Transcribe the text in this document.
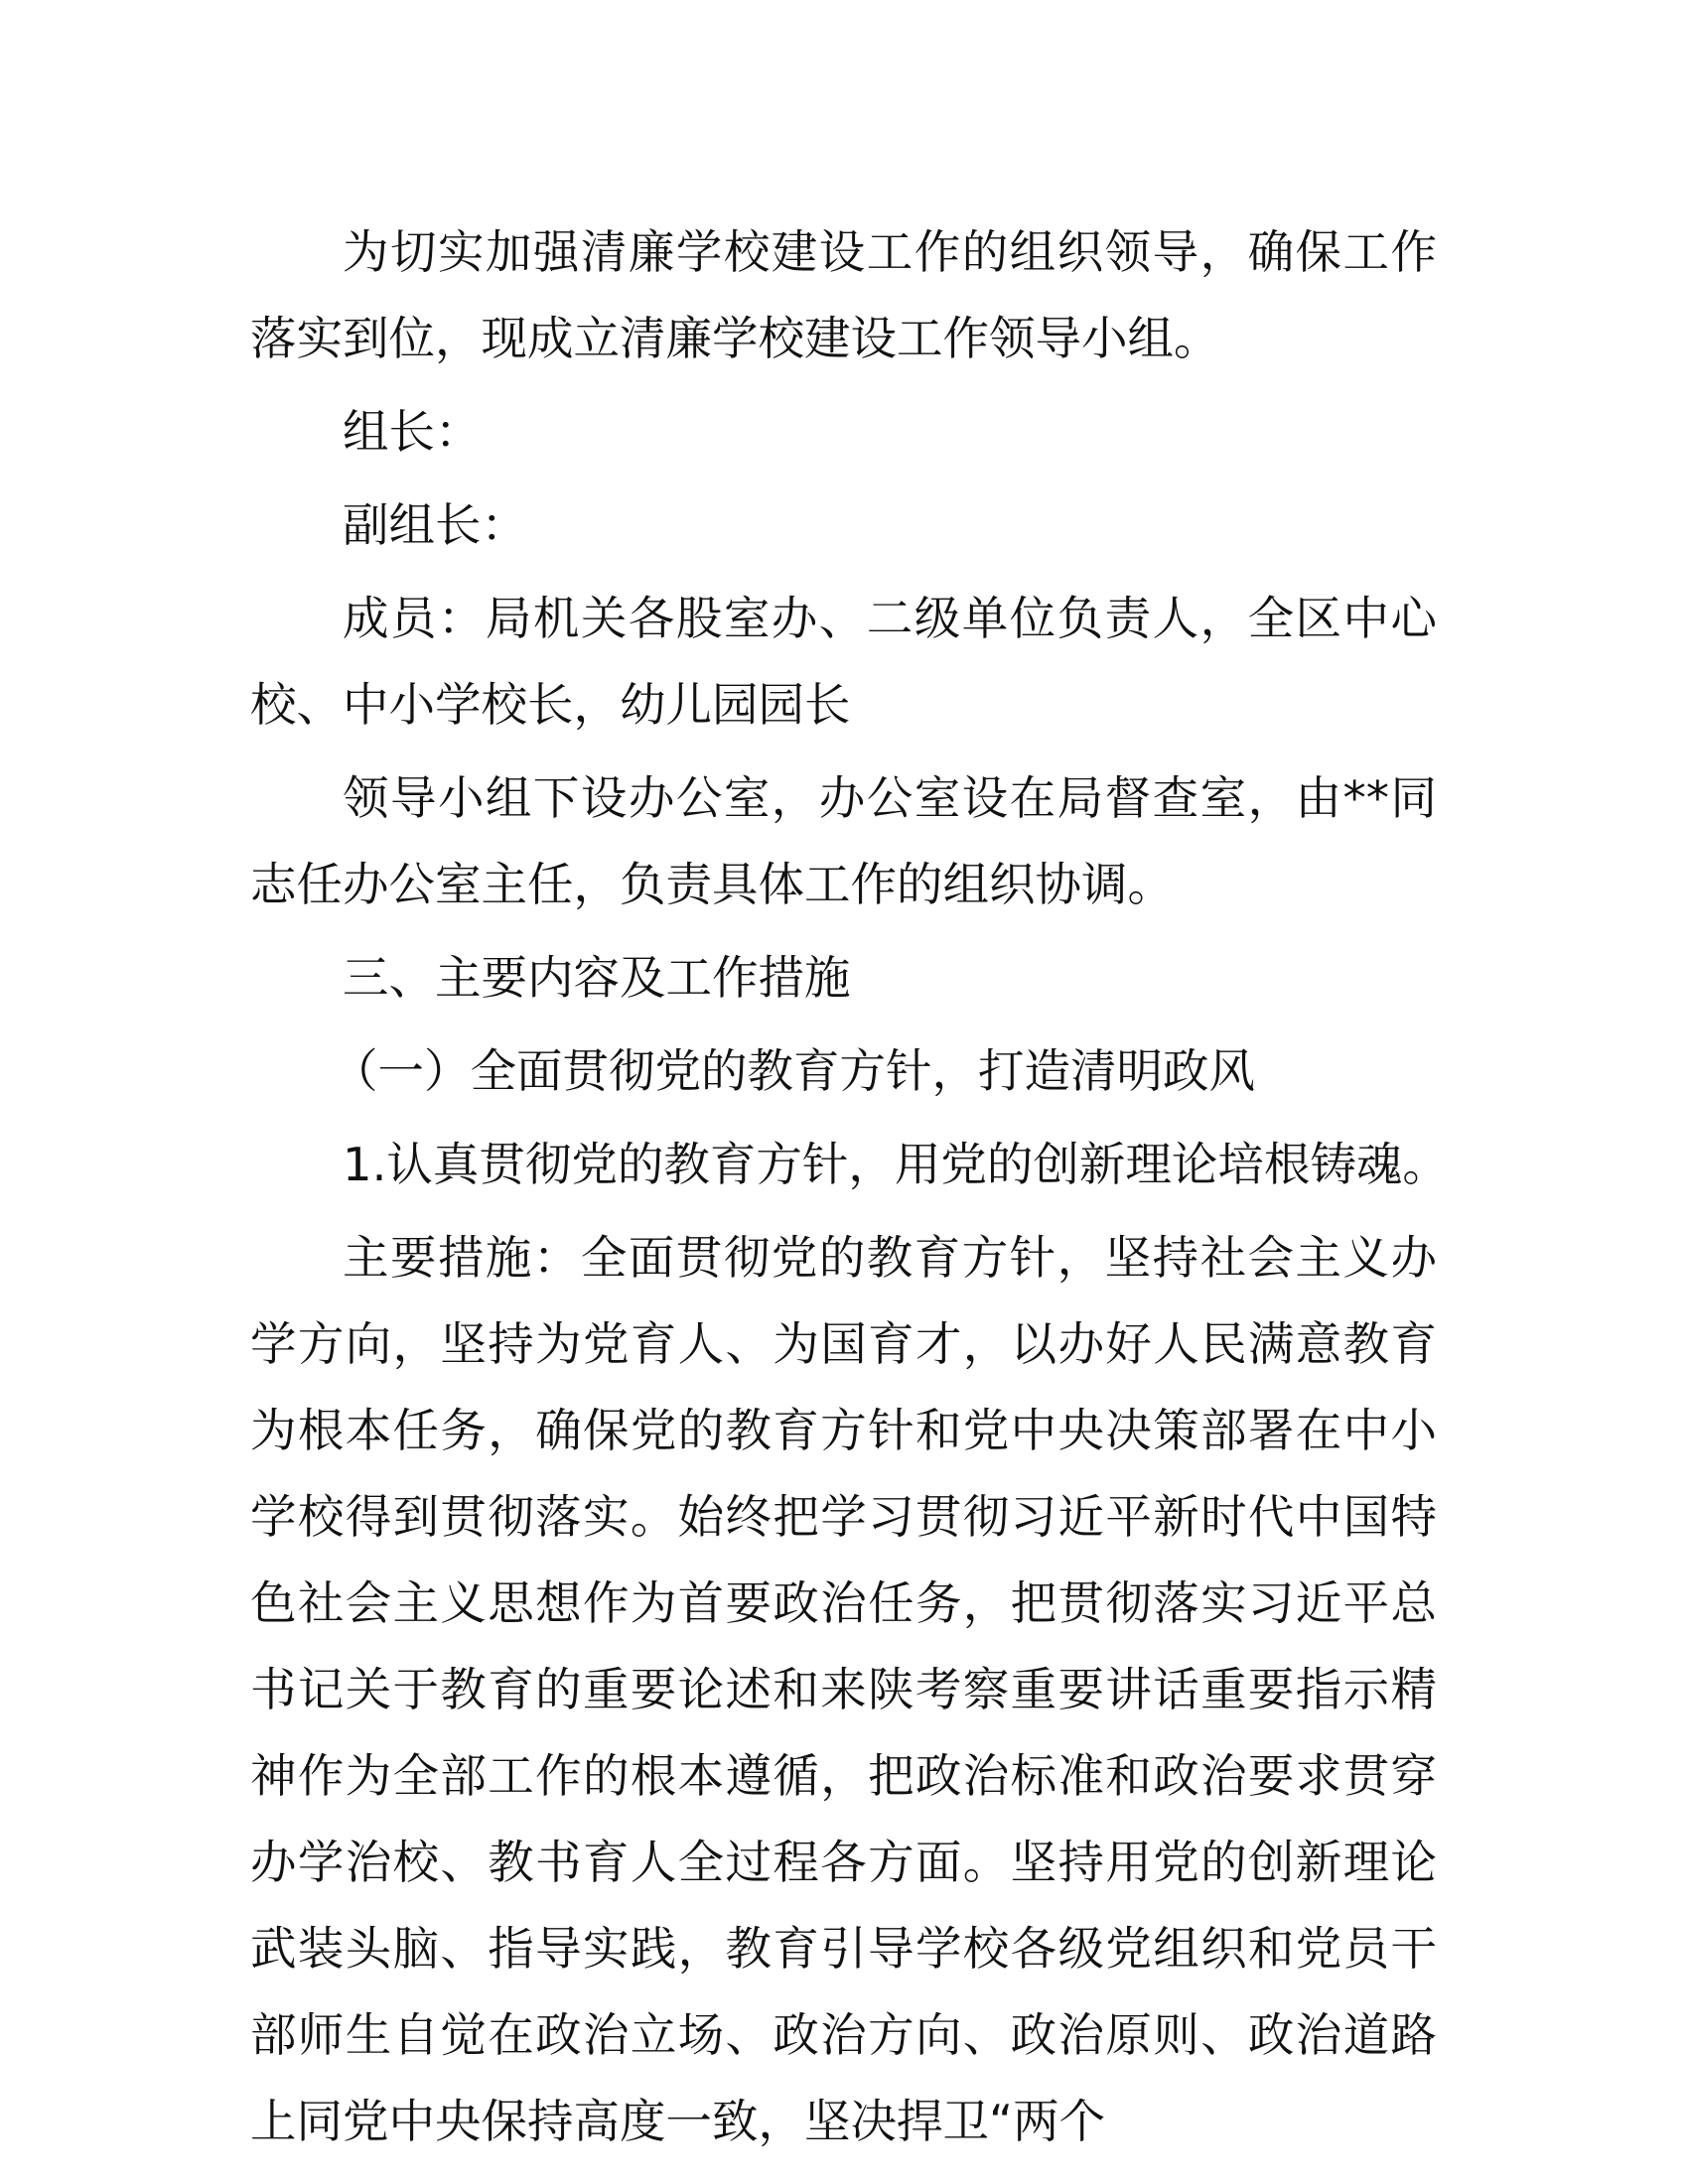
为切实加强清廉学校建设工作的组织领导，确保工作落实到位，现成立清廉学校建设工作领导小组。

组长：

副组长：

成员：局机关各股室办、二级单位负责人，全区中心校、中小学校长，幼儿园园长

领导小组下设办公室，办公室设在局督查室，由**同志任办公室主任，负责具体工作的组织协调。

三、主要内容及工作措施

（一）全面贯彻党的教育方针，打造清明政风

1.认真贯彻党的教育方针，用党的创新理论培根铸魂。

主要措施：全面贯彻党的教育方针，坚持社会主义办学方向，坚持为党育人、为国育才，以办好人民满意教育为根本任务，确保党的教育方针和党中央决策部署在中小学校得到贯彻落实。始终把学习贯彻习近平新时代中国特色社会主义思想作为首要政治任务，把贯彻落实习近平总书记关于教育的重要论述和来陕考察重要讲话重要指示精神作为全部工作的根本遵循，把政治标准和政治要求贯穿办学治校、教书育人全过程各方面。坚持用党的创新理论武装头脑、指导实践，教育引导学校各级党组织和党员干部师生自觉在政治立场、政治方向、政治原则、政治道路上同党中央保持高度一致，坚决捍卫“两个
